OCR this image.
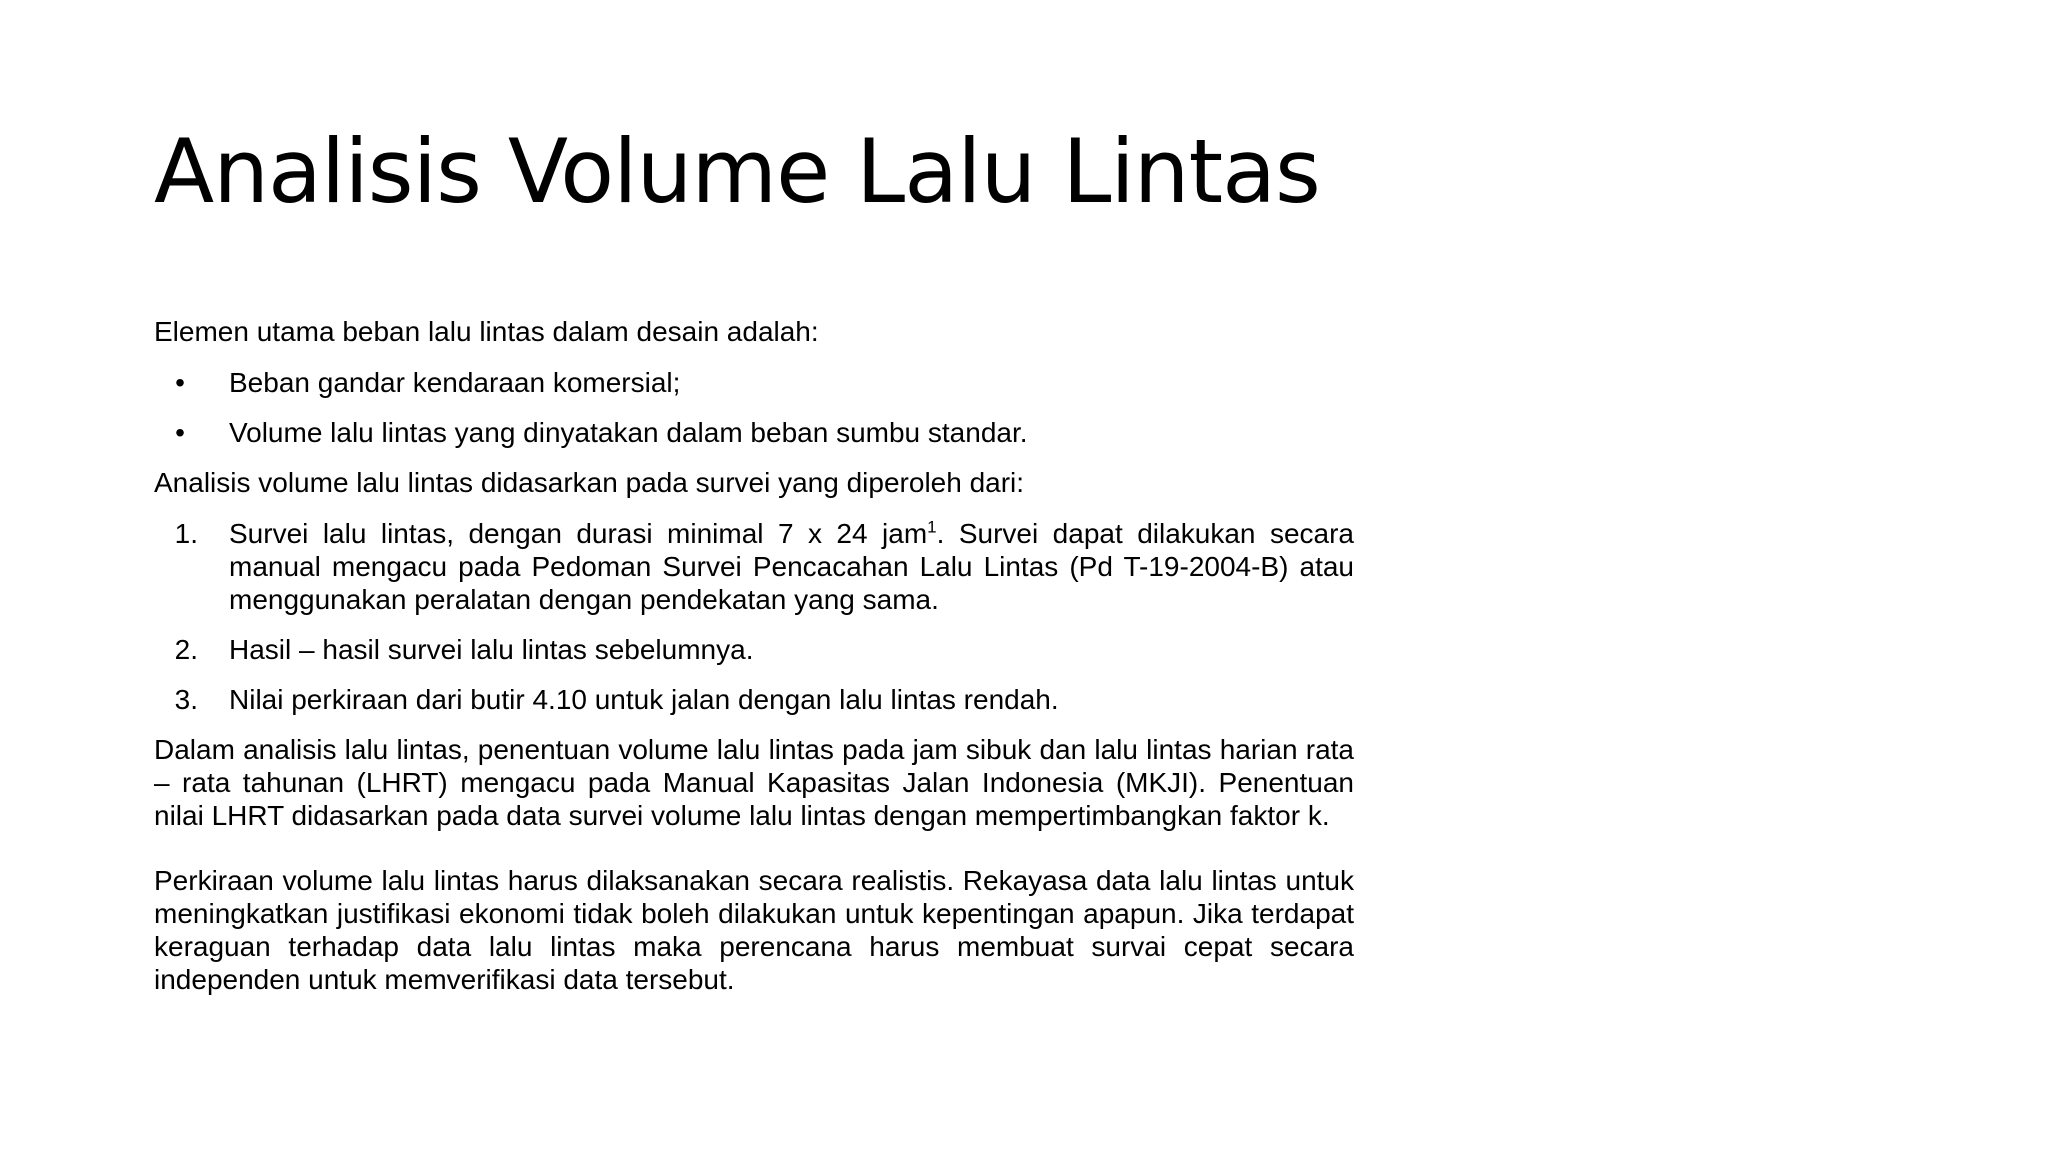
Analisis Volume Lalu Lintas

Elemen utama beban lalu lintas dalam desain adalah:

•	Beban gandar kendaraan komersial;
•	Volume lalu lintas yang dinyatakan dalam beban sumbu standar.

Analisis volume lalu lintas didasarkan pada survei yang diperoleh dari:

1. Survei lalu lintas, dengan durasi minimal 7 x 24 jam$^1$. Survei dapat dilakukan secara manual mengacu pada Pedoman Survei Pencacahan Lalu Lintas (Pd T-19-2004-B) atau menggunakan peralatan dengan pendekatan yang sama.
2. Hasil – hasil survei lalu lintas sebelumnya.
3. Nilai perkiraan dari butir 4.10 untuk jalan dengan lalu lintas rendah.

Dalam analisis lalu lintas, penentuan volume lalu lintas pada jam sibuk dan lalu lintas harian rata – rata tahunan (LHRT) mengacu pada Manual Kapasitas Jalan Indonesia (MKJI). Penentuan nilai LHRT didasarkan pada data survei volume lalu lintas dengan mempertimbangkan faktor k.

Perkiraan volume lalu lintas harus dilaksanakan secara realistis. Rekayasa data lalu lintas untuk meningkatkan justifikasi ekonomi tidak boleh dilakukan untuk kepentingan apapun. Jika terdapat keraguan terhadap data lalu lintas maka perencana harus membuat survai cepat secara independen untuk memverifikasi data tersebut.
